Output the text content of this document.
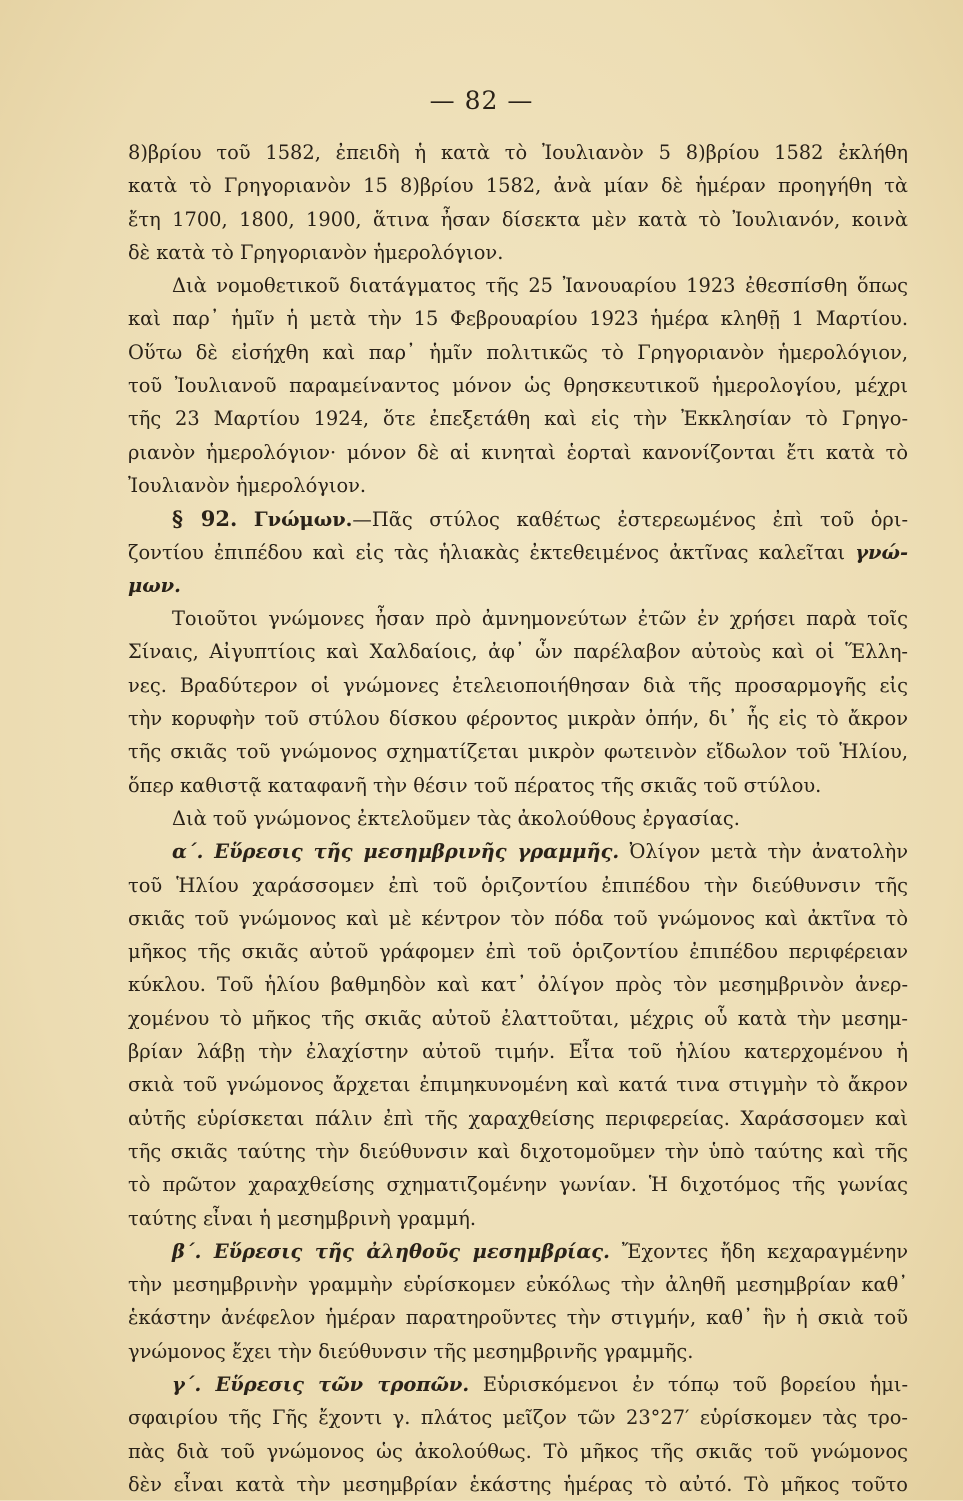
— 82 —
8)βρίου τοῦ 1582, ἐπειδὴ ἡ κατὰ τὸ Ἰουλιανὸν 5 8)βρίου 1582 ἐκλήθη
κατὰ τὸ Γρηγοριανὸν 15 8)βρίου 1582, ἀνὰ μίαν δὲ ἡμέραν προηγήθη τὰ
ἔτη 1700, 1800, 1900, ἅτινα ἦσαν δίσεκτα μὲν κατὰ τὸ Ἰουλιανόν, κοινὰ
δὲ κατὰ τὸ Γρηγοριανὸν ἡμερολόγιον.
Διὰ νομοθετικοῦ διατάγματος τῆς 25 Ἰανουαρίου 1923 ἐθεσπίσθη ὅπως
καὶ παρ᾿ ἡμῖν ἡ μετὰ τὴν 15 Φεβρουαρίου 1923 ἡμέρα κληθῇ 1 Μαρτίου.
Οὕτω δὲ εἰσήχθη καὶ παρ᾿ ἡμῖν πολιτικῶς τὸ Γρηγοριανὸν ἡμερολόγιον,
τοῦ Ἰουλιανοῦ παραμείναντος μόνον ὡς θρησκευτικοῦ ἡμερολογίου, μέχρι
τῆς 23 Μαρτίου 1924, ὅτε ἐπεξετάθη καὶ εἰς τὴν Ἐκκλησίαν τὸ Γρηγο-
ριανὸν ἡμερολόγιον· μόνον δὲ αἱ κινηταὶ ἑορταὶ κανονίζονται ἔτι κατὰ τὸ
Ἰουλιανὸν ἡμερολόγιον.
§ 92. Γνώμων.—Πᾶς στύλος καθέτως ἐστερεωμένος ἐπὶ τοῦ ὁρι-
ζοντίου ἐπιπέδου καὶ εἰς τὰς ἡλιακὰς ἐκτεθειμένος ἀκτῖνας καλεῖται γνώ-
μων.
Τοιοῦτοι γνώμονες ἦσαν πρὸ ἀμνημονεύτων ἐτῶν ἐν χρήσει παρὰ τοῖς
Σίναις, Αἰγυπτίοις καὶ Χαλδαίοις, ἀφ᾿ ὧν παρέλαβον αὐτοὺς καὶ οἱ Ἕλλη-
νες. Βραδύτερον οἱ γνώμονες ἐτελειοποιήθησαν διὰ τῆς προσαρμογῆς εἰς
τὴν κορυφὴν τοῦ στύλου δίσκου φέροντος μικρὰν ὀπήν, δι᾿ ἧς εἰς τὸ ἄκρον
τῆς σκιᾶς τοῦ γνώμονος σχηματίζεται μικρὸν φωτεινὸν εἴδωλον τοῦ Ἡλίου,
ὅπερ καθιστᾷ καταφανῆ τὴν θέσιν τοῦ πέρατος τῆς σκιᾶς τοῦ στύλου.
Διὰ τοῦ γνώμονος ἐκτελοῦμεν τὰς ἀκολούθους ἐργασίας.
α΄. Εὕρεσις τῆς μεσημβρινῆς γραμμῆς. Ὀλίγον μετὰ τὴν ἀνατολὴν
τοῦ Ἡλίου χαράσσομεν ἐπὶ τοῦ ὁριζοντίου ἐπιπέδου τὴν διεύθυνσιν τῆς
σκιᾶς τοῦ γνώμονος καὶ μὲ κέντρον τὸν πόδα τοῦ γνώμονος καὶ ἀκτῖνα τὸ
μῆκος τῆς σκιᾶς αὐτοῦ γράφομεν ἐπὶ τοῦ ὁριζοντίου ἐπιπέδου περιφέρειαν
κύκλου. Τοῦ ἡλίου βαθμηδὸν καὶ κατ᾿ ὀλίγον πρὸς τὸν μεσημβρινὸν ἀνερ-
χομένου τὸ μῆκος τῆς σκιᾶς αὐτοῦ ἐλαττοῦται, μέχρις οὗ κατὰ τὴν μεσημ-
βρίαν λάβῃ τὴν ἐλαχίστην αὐτοῦ τιμήν. Εἶτα τοῦ ἡλίου κατερχομένου ἡ
σκιὰ τοῦ γνώμονος ἄρχεται ἐπιμηκυνομένη καὶ κατά τινα στιγμὴν τὸ ἄκρον
αὐτῆς εὑρίσκεται πάλιν ἐπὶ τῆς χαραχθείσης περιφερείας. Χαράσσομεν καὶ
τῆς σκιᾶς ταύτης τὴν διεύθυνσιν καὶ διχοτομοῦμεν τὴν ὑπὸ ταύτης καὶ τῆς
τὸ πρῶτον χαραχθείσης σχηματιζομένην γωνίαν. Ἡ διχοτόμος τῆς γωνίας
ταύτης εἶναι ἡ μεσημβρινὴ γραμμή.
β΄. Εὕρεσις τῆς ἀληθοῦς μεσημβρίας. Ἔχοντες ἤδη κεχαραγμένην
τὴν μεσημβρινὴν γραμμὴν εὑρίσκομεν εὐκόλως τὴν ἀληθῆ μεσημβρίαν καθ᾿
ἑκάστην ἀνέφελον ἡμέραν παρατηροῦντες τὴν στιγμήν, καθ᾿ ἣν ἡ σκιὰ τοῦ
γνώμονος ἔχει τὴν διεύθυνσιν τῆς μεσημβρινῆς γραμμῆς.
γ΄. Εὕρεσις τῶν τροπῶν. Εὑρισκόμενοι ἐν τόπῳ τοῦ βορείου ἡμι-
σφαιρίου τῆς Γῆς ἔχοντι γ. πλάτος μεῖζον τῶν 23°27′ εὑρίσκομεν τὰς τρο-
πὰς διὰ τοῦ γνώμονος ὡς ἀκολούθως. Τὸ μῆκος τῆς σκιᾶς τοῦ γνώμονος
δὲν εἶναι κατὰ τὴν μεσημβρίαν ἑκάστης ἡμέρας τὸ αὐτό. Τὸ μῆκος τοῦτο
